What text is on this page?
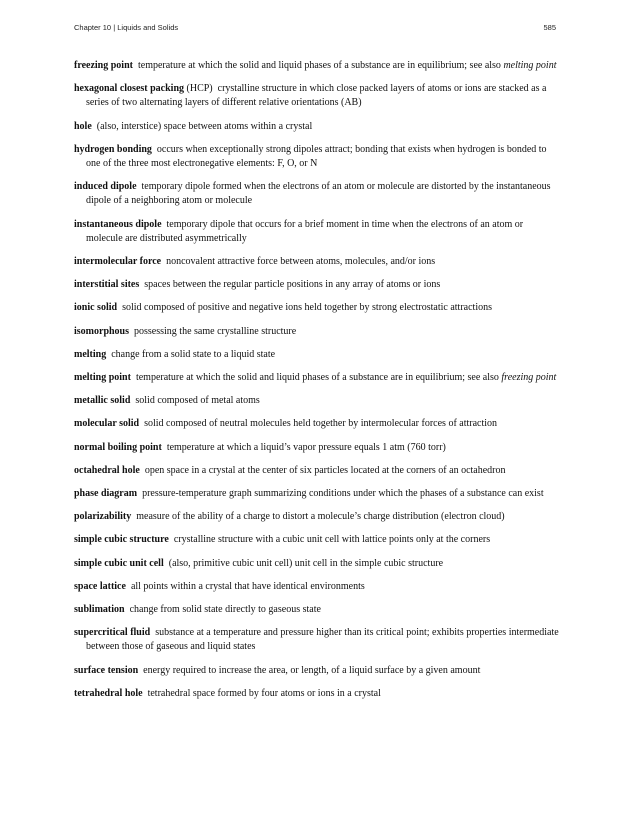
Chapter 10 | Liquids and Solids	585

freezing point temperature at which the solid and liquid phases of a substance are in equilibrium; see also melting point

hexagonal closest packing (HCP) crystalline structure in which close packed layers of atoms or ions are stacked as a series of two alternating layers of different relative orientations (AB)

hole (also, interstice) space between atoms within a crystal

hydrogen bonding occurs when exceptionally strong dipoles attract; bonding that exists when hydrogen is bonded to one of the three most electronegative elements: F, O, or N

induced dipole temporary dipole formed when the electrons of an atom or molecule are distorted by the instantaneous dipole of a neighboring atom or molecule

instantaneous dipole temporary dipole that occurs for a brief moment in time when the electrons of an atom or molecule are distributed asymmetrically

intermolecular force noncovalent attractive force between atoms, molecules, and/or ions

interstitial sites spaces between the regular particle positions in any array of atoms or ions

ionic solid solid composed of positive and negative ions held together by strong electrostatic attractions

isomorphous possessing the same crystalline structure

melting change from a solid state to a liquid state

melting point temperature at which the solid and liquid phases of a substance are in equilibrium; see also freezing point

metallic solid solid composed of metal atoms

molecular solid solid composed of neutral molecules held together by intermolecular forces of attraction

normal boiling point temperature at which a liquid’s vapor pressure equals 1 atm (760 torr)

octahedral hole open space in a crystal at the center of six particles located at the corners of an octahedron

phase diagram pressure-temperature graph summarizing conditions under which the phases of a substance can exist

polarizability measure of the ability of a charge to distort a molecule’s charge distribution (electron cloud)

simple cubic structure crystalline structure with a cubic unit cell with lattice points only at the corners

simple cubic unit cell (also, primitive cubic unit cell) unit cell in the simple cubic structure

space lattice all points within a crystal that have identical environments

sublimation change from solid state directly to gaseous state

supercritical fluid substance at a temperature and pressure higher than its critical point; exhibits properties intermediate between those of gaseous and liquid states

surface tension energy required to increase the area, or length, of a liquid surface by a given amount

tetrahedral hole tetrahedral space formed by four atoms or ions in a crystal
